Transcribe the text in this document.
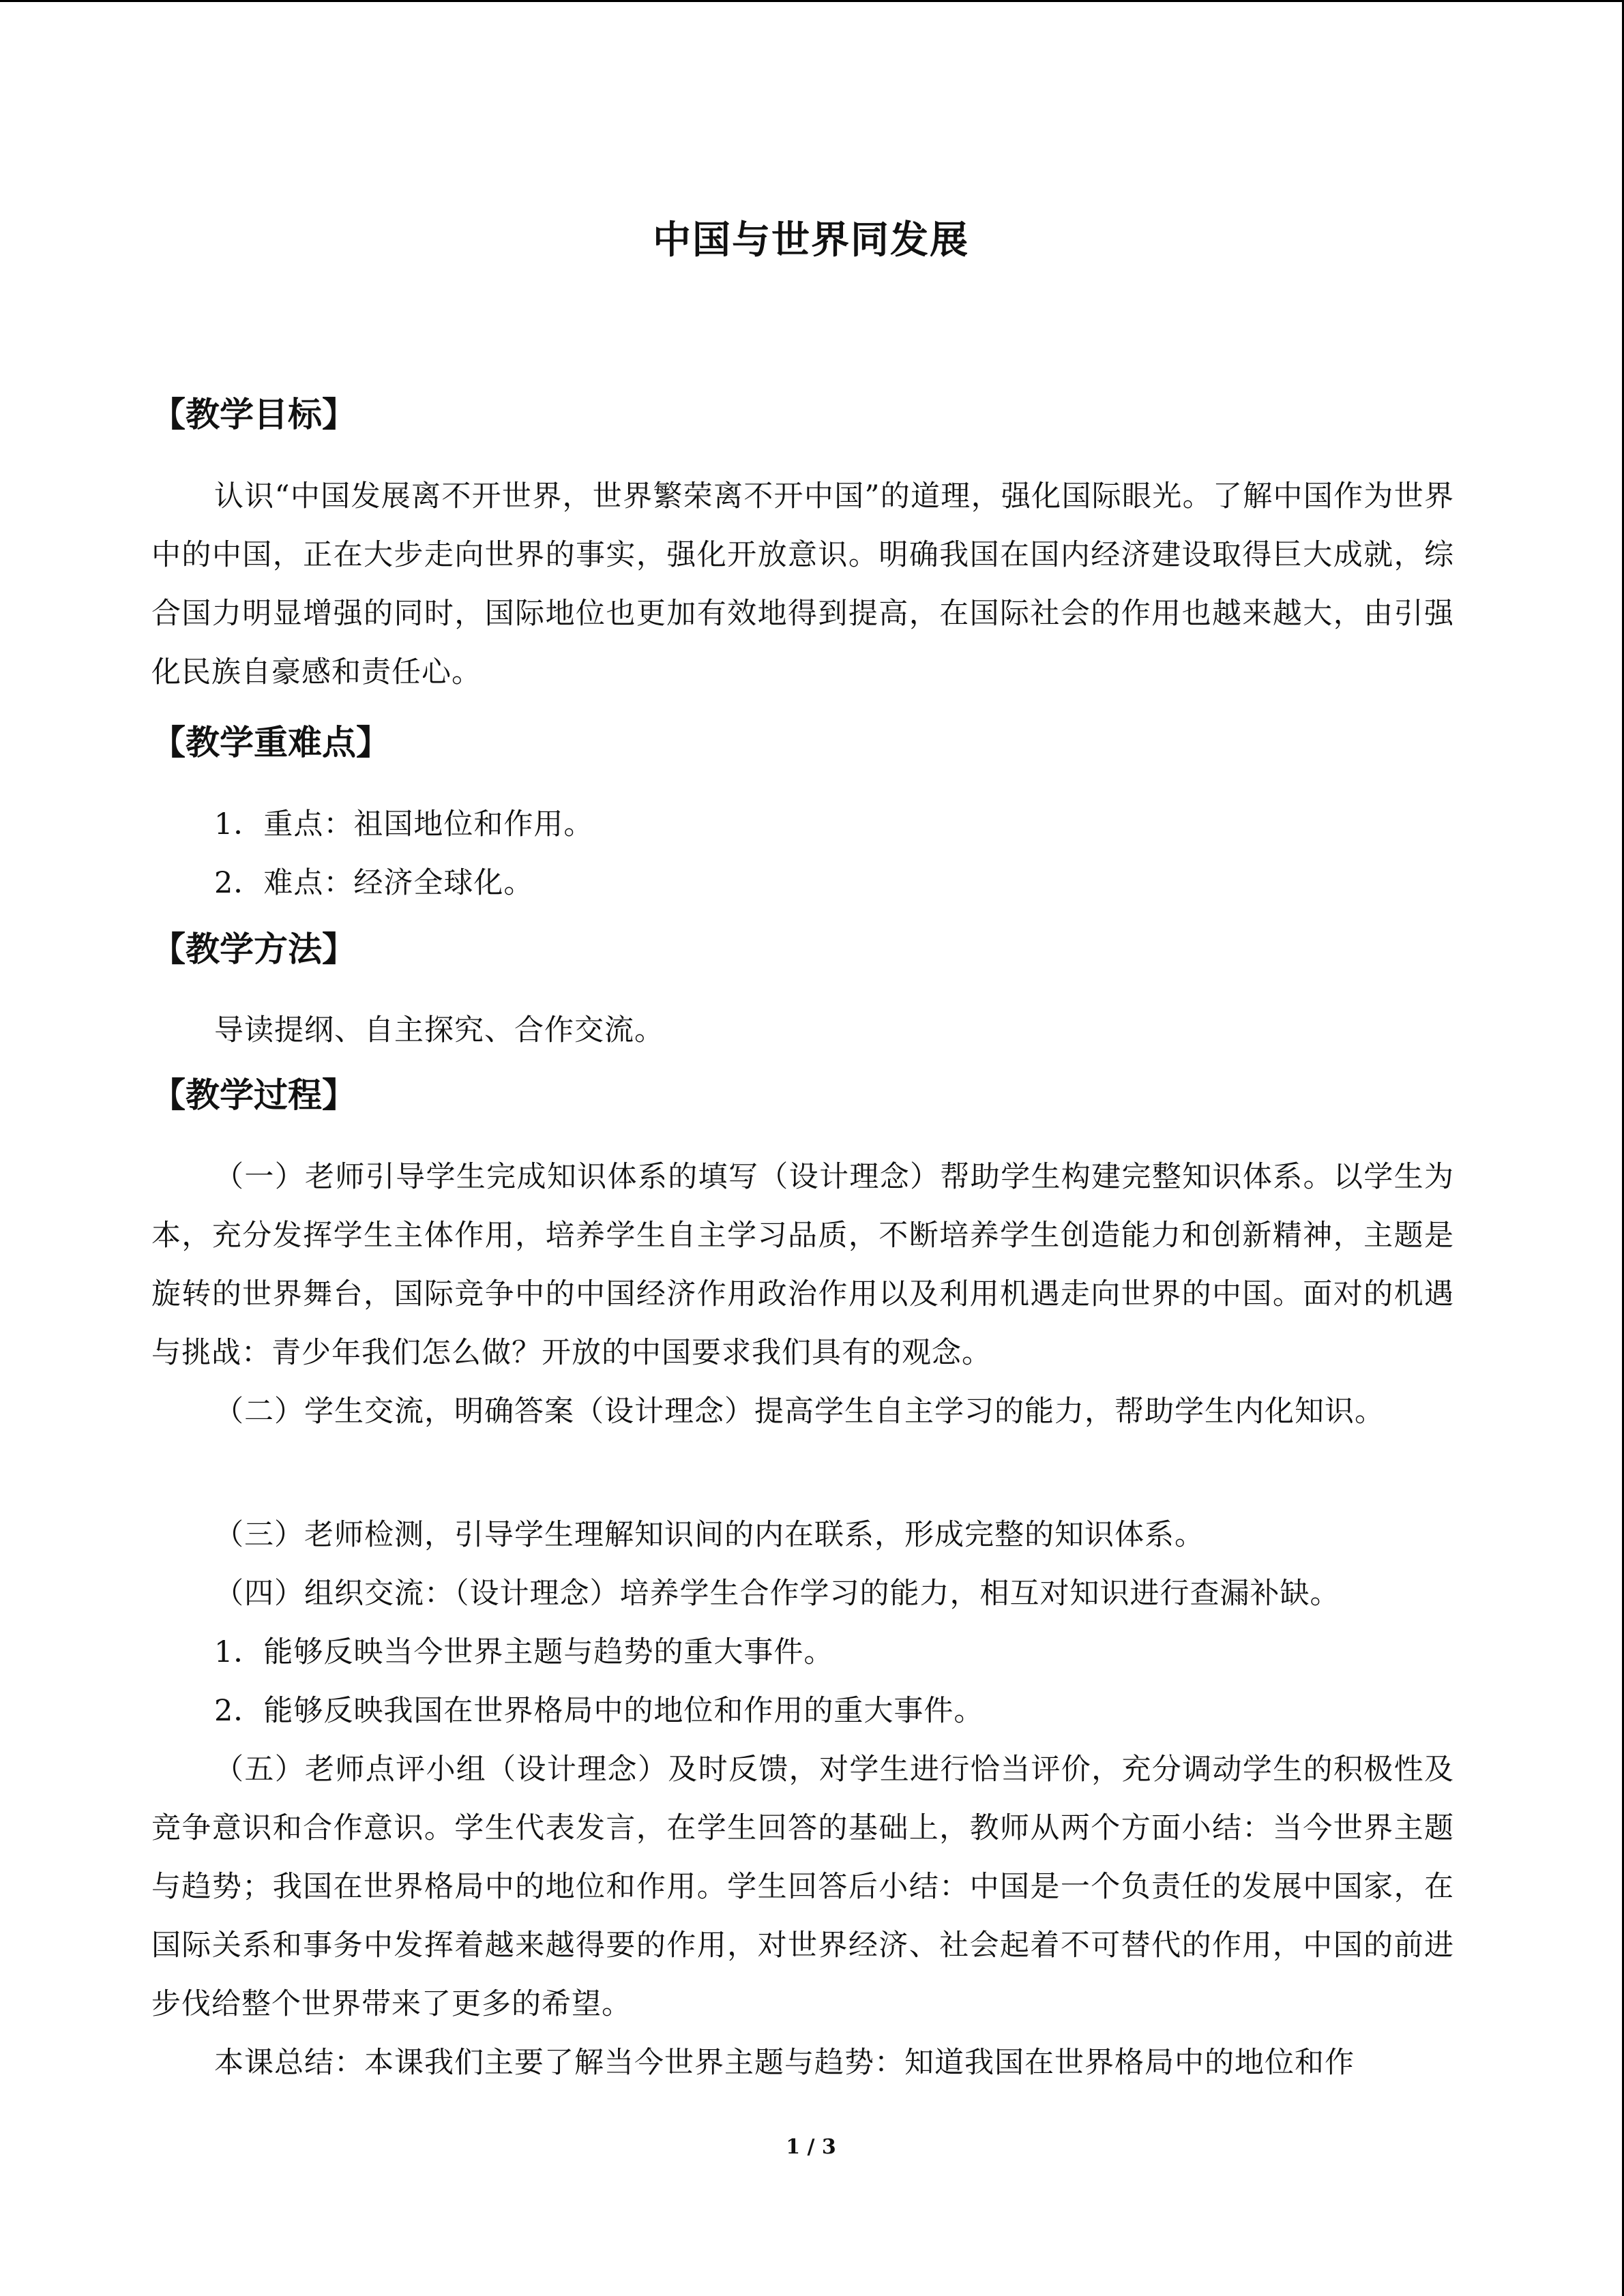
中国与世界同发展
【教学目标】
认识“中国发展离不开世界，世界繁荣离不开中国”的道理，强化国际眼光。了解中国作为世界中的中国，正在大步走向世界的事实，强化开放意识。明确我国在国内经济建设取得巨大成就，综合国力明显增强的同时，国际地位也更加有效地得到提高，在国际社会的作用也越来越大，由引强化民族自豪感和责任心。
【教学重难点】
1．重点：祖国地位和作用。
2．难点：经济全球化。
【教学方法】
导读提纲、自主探究、合作交流。
【教学过程】
（一）老师引导学生完成知识体系的填写（设计理念）帮助学生构建完整知识体系。以学生为本，充分发挥学生主体作用，培养学生自主学习品质，不断培养学生创造能力和创新精神，主题是旋转的世界舞台，国际竞争中的中国经济作用政治作用以及利用机遇走向世界的中国。面对的机遇与挑战：青少年我们怎么做？开放的中国要求我们具有的观念。
（二）学生交流，明确答案（设计理念）提高学生自主学习的能力，帮助学生内化知识。
（三）老师检测，引导学生理解知识间的内在联系，形成完整的知识体系。
（四）组织交流：（设计理念）培养学生合作学习的能力，相互对知识进行查漏补缺。
1．能够反映当今世界主题与趋势的重大事件。
2．能够反映我国在世界格局中的地位和作用的重大事件。
（五）老师点评小组（设计理念）及时反馈，对学生进行恰当评价，充分调动学生的积极性及竞争意识和合作意识。学生代表发言，在学生回答的基础上，教师从两个方面小结：当今世界主题与趋势；我国在世界格局中的地位和作用。学生回答后小结：中国是一个负责任的发展中国家，在国际关系和事务中发挥着越来越得要的作用，对世界经济、社会起着不可替代的作用，中国的前进步伐给整个世界带来了更多的希望。
本课总结：本课我们主要了解当今世界主题与趋势：知道我国在世界格局中的地位和作
1 / 3
